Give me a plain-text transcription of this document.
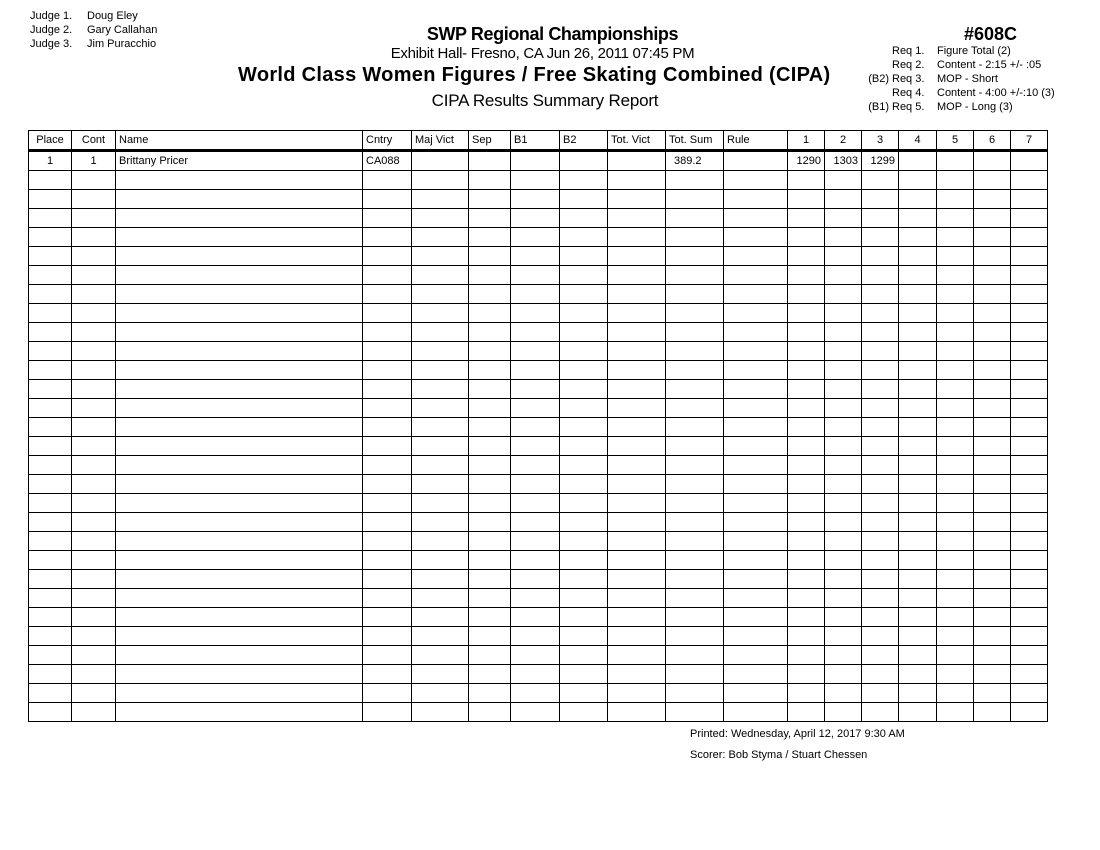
Judge 1. Doug Eley
Judge 2. Gary Callahan
Judge 3. Jim Puracchio	SWP Regional Championships
Exhibit Hall- Fresno, CA Jun 26, 2011 07:45 PM
World Class Women Figures / Free Skating Combined (CIPA)
CIPA Results Summary Report
#608C
Req 1.	Figure Total (2)
Req 2.	Content - 2:15 +/- :05
(B2) Req 3.	MOP - Short
Req 4.	Content - 4:00 +/-:10 (3)
(B1) Req 5.	MOP - Long (3)
Place	Cont	Name	Cntry	Maj Vict	Sep	B1	B2	Tot. Vict	Tot. Sum	Rule	1	2	3	4	5	6	7
1	1	Brittany Pricer	CA088						389.2		1290	1303	1299				

Printed: Wednesday, April 12, 2017 9:30 AM
Scorer: Bob Styma / Stuart Chessen
